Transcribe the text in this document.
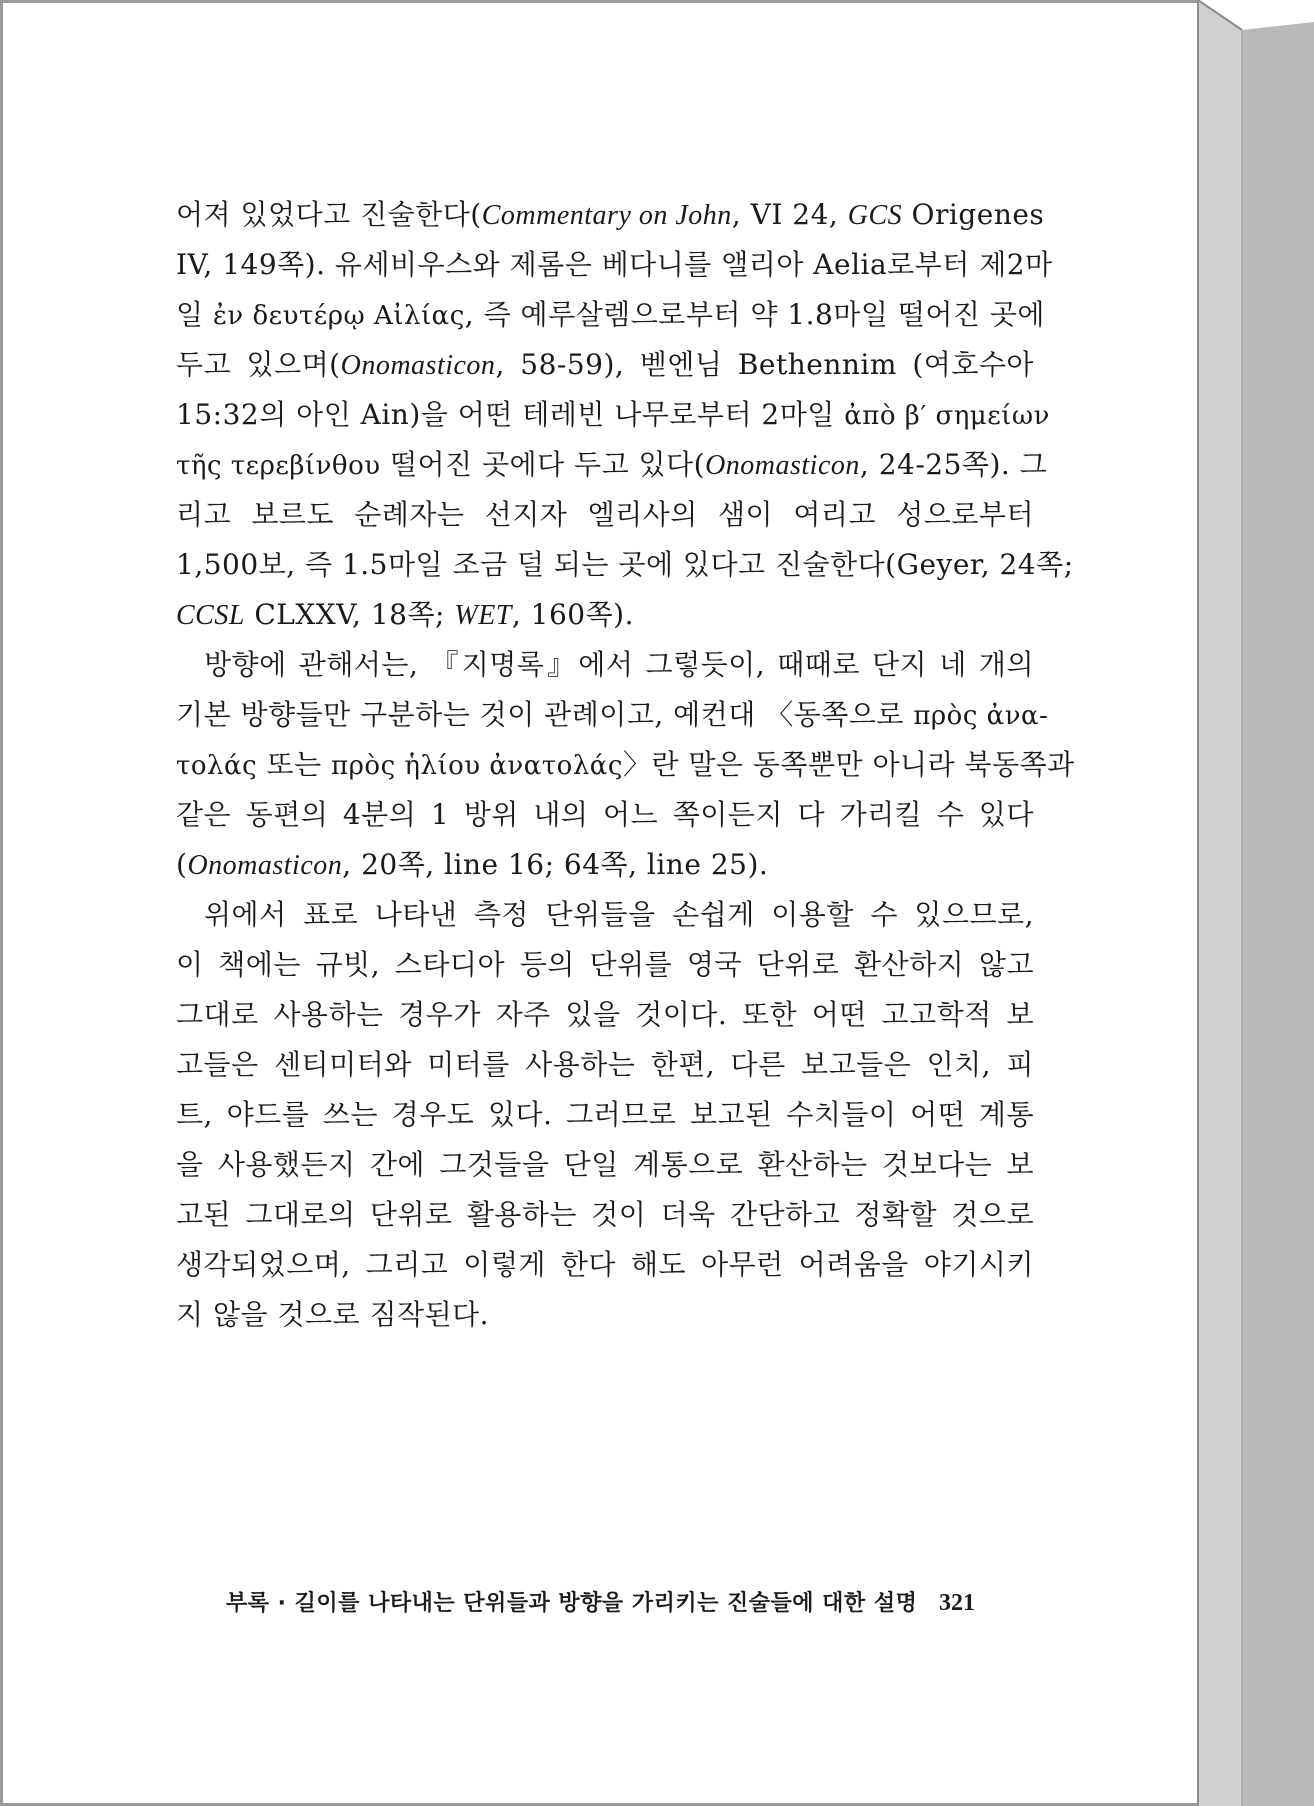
어져 있었다고 진술한다(Commentary on John, VI 24, GCS Origenes
IV, 149쪽). 유세비우스와 제롬은 베다니를 앨리아 Aelia로부터 제2마
일 ἐν δευτέρῳ Αἰλίας, 즉 예루살렘으로부터 약 1.8마일 떨어진 곳에
두고 있으며(Onomasticon, 58-59), 벧엔님 Bethennim (여호수아
15:32의 아인 Ain)을 어떤 테레빈 나무로부터 2마일 ἀπὸ β′ σημείων
τῆς τερεβίνθου 떨어진 곳에다 두고 있다(Onomasticon, 24-25쪽). 그
리고 보르도 순례자는 선지자 엘리사의 샘이 여리고 성으로부터
1,500보, 즉 1.5마일 조금 덜 되는 곳에 있다고 진술한다(Geyer, 24쪽;
CCSL CLXXV, 18쪽; WET, 160쪽).
방향에 관해서는, 『지명록』에서 그렇듯이, 때때로 단지 네 개의
기본 방향들만 구분하는 것이 관례이고, 예컨대 〈동쪽으로 πρὸς ἀνα-
τολάς 또는 πρὸς ἡλίου ἀνατολάς〉란 말은 동쪽뿐만 아니라 북동쪽과
같은 동편의 4분의 1 방위 내의 어느 쪽이든지 다 가리킬 수 있다
(Onomasticon, 20쪽, line 16; 64쪽, line 25).
위에서 표로 나타낸 측정 단위들을 손쉽게 이용할 수 있으므로,
이 책에는 규빗, 스타디아 등의 단위를 영국 단위로 환산하지 않고
그대로 사용하는 경우가 자주 있을 것이다. 또한 어떤 고고학적 보
고들은 센티미터와 미터를 사용하는 한편, 다른 보고들은 인치, 피
트, 야드를 쓰는 경우도 있다. 그러므로 보고된 수치들이 어떤 계통
을 사용했든지 간에 그것들을 단일 계통으로 환산하는 것보다는 보
고된 그대로의 단위로 활용하는 것이 더욱 간단하고 정확할 것으로
생각되었으며, 그리고 이렇게 한다 해도 아무런 어려움을 야기시키
지 않을 것으로 짐작된다.
부록 · 길이를 나타내는 단위들과 방향을 가리키는 진술들에 대한 설명 321
